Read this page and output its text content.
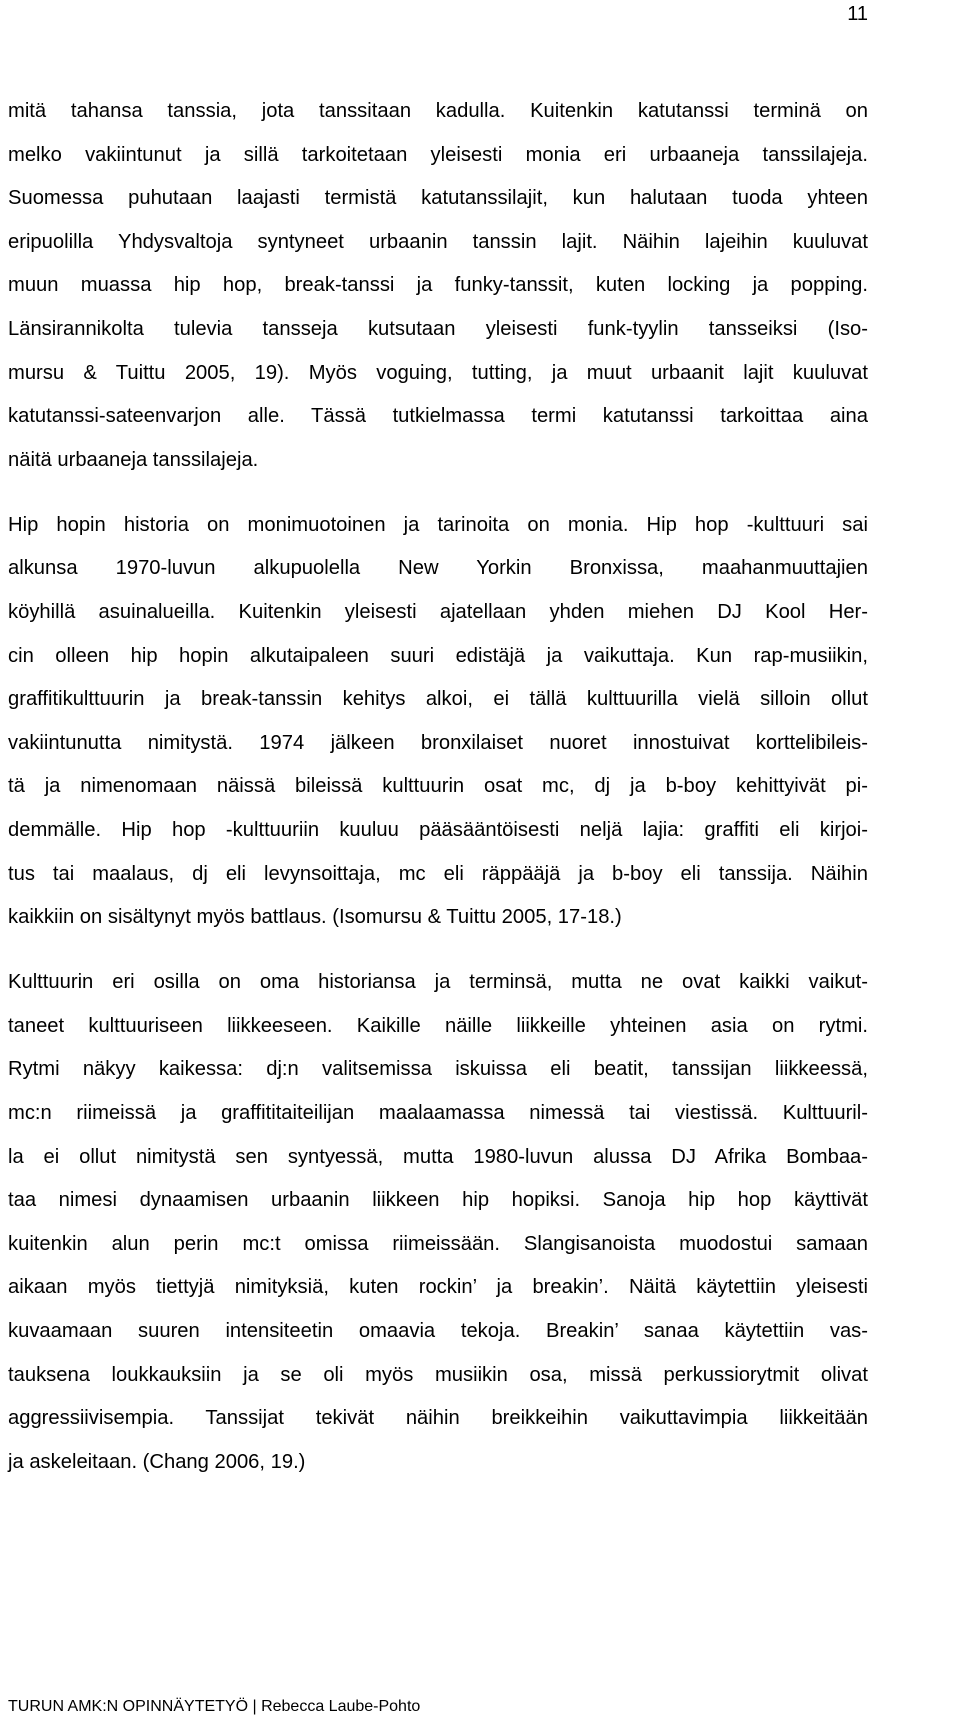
11

mitä tahansa tanssia, jota tanssitaan kadulla. Kuitenkin katutanssi terminä on
melko vakiintunut ja sillä tarkoitetaan yleisesti monia eri urbaaneja tanssilajeja.
Suomessa puhutaan laajasti termistä katutanssilajit, kun halutaan tuoda yhteen
eripuolilla Yhdysvaltoja syntyneet urbaanin tanssin lajit. Näihin lajeihin kuuluvat
muun muassa hip hop, break-tanssi ja funky-tanssit, kuten locking ja popping.
Länsirannikolta tulevia tansseja kutsutaan yleisesti funk-tyylin tansseiksi (Iso-
mursu & Tuittu 2005, 19). Myös voguing, tutting, ja muut urbaanit lajit kuuluvat
katutanssi-sateenvarjon alle. Tässä tutkielmassa termi katutanssi tarkoittaa aina
näitä urbaaneja tanssilajeja.

Hip hopin historia on monimuotoinen ja tarinoita on monia. Hip hop -kulttuuri sai
alkunsa 1970-luvun alkupuolella New Yorkin Bronxissa, maahanmuuttajien
köyhillä asuinalueilla. Kuitenkin yleisesti ajatellaan yhden miehen DJ Kool Her-
cin olleen hip hopin alkutaipaleen suuri edistäjä ja vaikuttaja. Kun rap-musiikin,
graffitikulttuurin ja break-tanssin kehitys alkoi, ei tällä kulttuurilla vielä silloin ollut
vakiintunutta nimitystä. 1974 jälkeen bronxilaiset nuoret innostuivat korttelibileis-
tä ja nimenomaan näissä bileissä kulttuurin osat mc, dj ja b-boy kehittyivät pi-
demmälle. Hip hop -kulttuuriin kuuluu pääsääntöisesti neljä lajia: graffiti eli kirjoi-
tus tai maalaus, dj eli levynsoittaja, mc eli räppääjä ja b-boy eli tanssija. Näihin
kaikkiin on sisältynyt myös battlaus. (Isomursu & Tuittu 2005, 17-18.)

Kulttuurin eri osilla on oma historiansa ja terminsä, mutta ne ovat kaikki vaikut-
taneet kulttuuriseen liikkeeseen. Kaikille näille liikkeille yhteinen asia on rytmi.
Rytmi näkyy kaikessa: dj:n valitsemissa iskuissa eli beatit, tanssijan liikkeessä,
mc:n riimeissä ja graffititaiteilijan maalaamassa nimessä tai viestissä. Kulttuuril-
la ei ollut nimitystä sen syntyessä, mutta 1980-luvun alussa DJ Afrika Bombaa-
taa nimesi dynaamisen urbaanin liikkeen hip hopiksi. Sanoja hip hop käyttivät
kuitenkin alun perin mc:t omissa riimeissään. Slangisanoista muodostui samaan
aikaan myös tiettyjä nimityksiä, kuten rockin’ ja breakin’. Näitä käytettiin yleisesti
kuvaamaan suuren intensiteetin omaavia tekoja. Breakin’ sanaa käytettiin vas-
tauksena loukkauksiin ja se oli myös musiikin osa, missä perkussiorytmit olivat
aggressiivisempia. Tanssijat tekivät näihin breikkeihin vaikuttavimpia liikkeitään
ja askeleitaan. (Chang 2006, 19.)

TURUN AMK:N OPINNÄYTETYÖ | Rebecca Laube-Pohto
